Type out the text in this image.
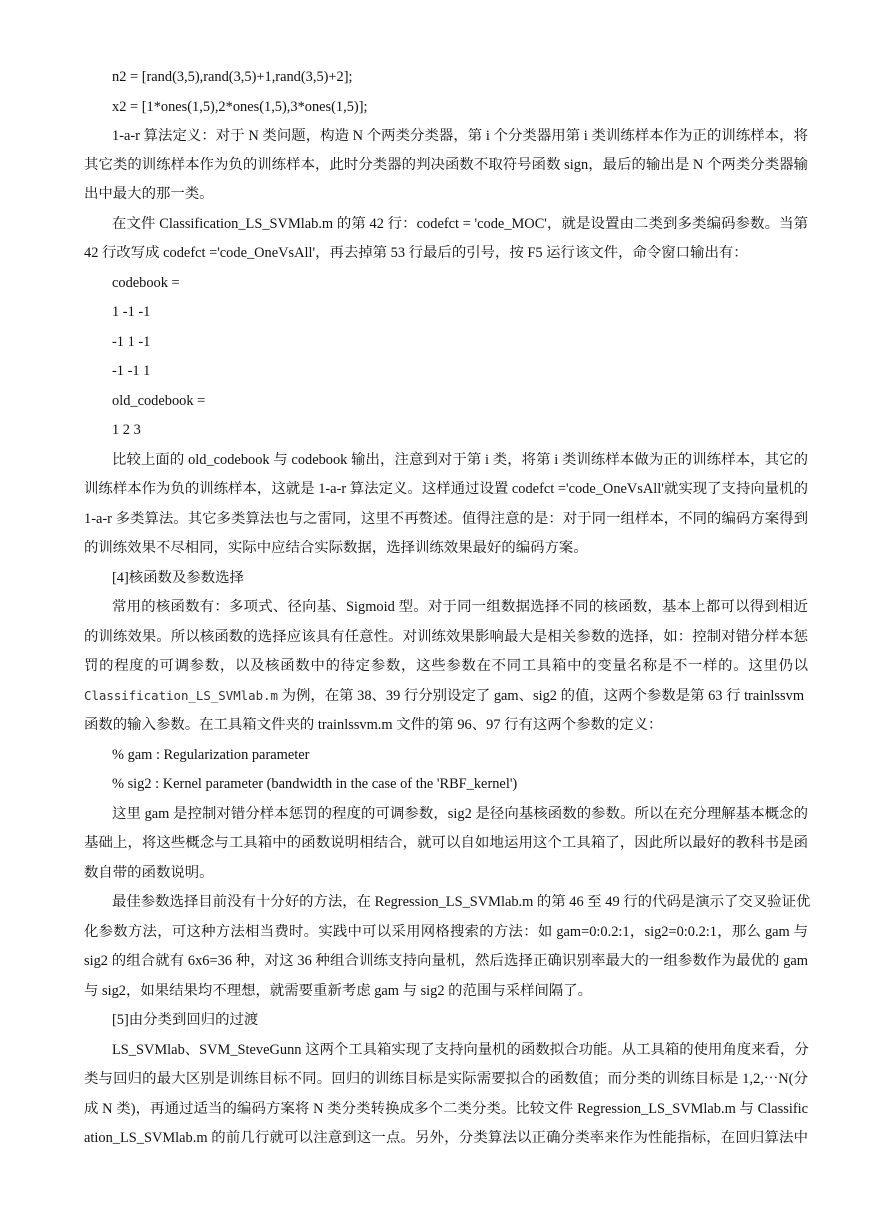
n2 = [rand(3,5),rand(3,5)+1,rand(3,5)+2];
x2 = [1*ones(1,5),2*ones(1,5),3*ones(1,5)];
1-a-r 算法定义：对于 N 类问题，构造 N 个两类分类器，第 i 个分类器用第 i 类训练样本作为正的训练样本，将
其它类的训练样本作为负的训练样本，此时分类器的判决函数不取符号函数 sign，最后的输出是 N 个两类分类器输
出中最大的那一类。
在文件 Classification_LS_SVMlab.m 的第 42 行：codefct = 'code_MOC'，就是设置由二类到多类编码参数。当第
42 行改写成 codefct ='code_OneVsAll'，再去掉第 53 行最后的引号，按 F5 运行该文件，命令窗口输出有：
codebook =
1 -1 -1
-1 1 -1
-1 -1 1
old_codebook =
1 2 3
比较上面的 old_codebook 与 codebook 输出，注意到对于第 i 类，将第 i 类训练样本做为正的训练样本，其它的
训练样本作为负的训练样本，这就是 1-a-r 算法定义。这样通过设置 codefct ='code_OneVsAll'就实现了支持向量机的
1-a-r 多类算法。其它多类算法也与之雷同，这里不再赘述。值得注意的是：对于同一组样本，不同的编码方案得到
的训练效果不尽相同，实际中应结合实际数据，选择训练效果最好的编码方案。
[4]核函数及参数选择
常用的核函数有：多项式、径向基、Sigmoid 型。对于同一组数据选择不同的核函数，基本上都可以得到相近
的训练效果。所以核函数的选择应该具有任意性。对训练效果影响最大是相关参数的选择，如：控制对错分样本惩
罚的程度的可调参数，以及核函数中的待定参数，这些参数在不同工具箱中的变量名称是不一样的。这里仍以
Classification_LS_SVMlab.m 为例，在第 38、39 行分别设定了 gam、sig2 的值，这两个参数是第 63 行 trainlssvm
函数的输入参数。在工具箱文件夹的 trainlssvm.m 文件的第 96、97 行有这两个参数的定义：
% gam : Regularization parameter
% sig2 : Kernel parameter (bandwidth in the case of the 'RBF_kernel')
这里 gam 是控制对错分样本惩罚的程度的可调参数，sig2 是径向基核函数的参数。所以在充分理解基本概念的
基础上，将这些概念与工具箱中的函数说明相结合，就可以自如地运用这个工具箱了，因此所以最好的教科书是函
数自带的函数说明。
最佳参数选择目前没有十分好的方法，在 Regression_LS_SVMlab.m 的第 46 至 49 行的代码是演示了交叉验证优
化参数方法，可这种方法相当费时。实践中可以采用网格搜索的方法：如 gam=0:0.2:1，sig2=0:0.2:1，那么 gam 与
sig2 的组合就有 6x6=36 种，对这 36 种组合训练支持向量机，然后选择正确识别率最大的一组参数作为最优的 gam
与 sig2，如果结果均不理想，就需要重新考虑 gam 与 sig2 的范围与采样间隔了。
[5]由分类到回归的过渡
LS_SVMlab、SVM_SteveGunn 这两个工具箱实现了支持向量机的函数拟合功能。从工具箱的使用角度来看，分
类与回归的最大区别是训练目标不同。回归的训练目标是实际需要拟合的函数值；而分类的训练目标是 1,2,⋯N(分
成 N 类)，再通过适当的编码方案将 N 类分类转换成多个二类分类。比较文件 Regression_LS_SVMlab.m 与 Classific
ation_LS_SVMlab.m 的前几行就可以注意到这一点。另外，分类算法以正确分类率来作为性能指标，在回归算法中
